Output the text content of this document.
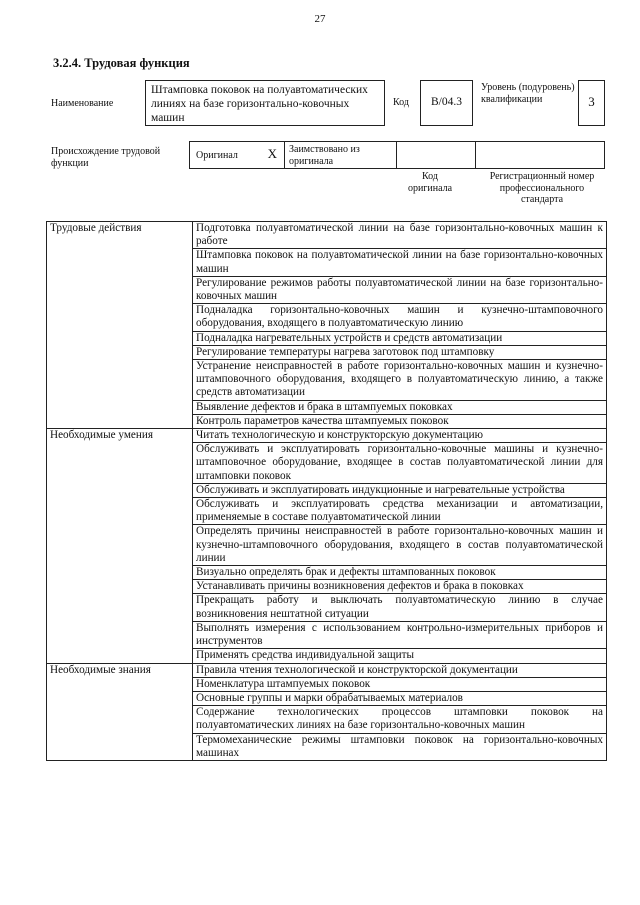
27
3.2.4. Трудовая функция
Наименование
Штамповка поковок на полуавтоматических линиях на базе горизонтально-ковочных машин
Код	B/04.3
Уровень (подуровень) квалификации	3
Происхождение трудовой функции
Оригинал X	Заимствовано из оригинала
Код оригинала
Регистрационный номер профессионального стандарта
Трудовые действия	Подготовка полуавтоматической линии на базе горизонтально-ковочных машин к работе
	Штамповка поковок на полуавтоматической линии на базе горизонтально-ковочных машин
	Регулирование режимов работы полуавтоматической линии на базе горизонтально-ковочных машин
	Подналадка горизонтально-ковочных машин и кузнечно-штамповочного оборудования, входящего в полуавтоматическую линию
	Подналадка нагревательных устройств и средств автоматизации
	Регулирование температуры нагрева заготовок под штамповку
	Устранение неисправностей в работе горизонтально-ковочных машин и кузнечно-штамповочного оборудования, входящего в полуавтоматическую линию, а также средств автоматизации
	Выявление дефектов и брака в штампуемых поковках
	Контроль параметров качества штампуемых поковок
Необходимые умения	Читать технологическую и конструкторскую документацию
	Обслуживать и эксплуатировать горизонтально-ковочные машины и кузнечно-штамповочное оборудование, входящее в состав полуавтоматической линии для штамповки поковок
	Обслуживать и эксплуатировать индукционные и нагревательные устройства
	Обслуживать и эксплуатировать средства механизации и автоматизации, применяемые в составе полуавтоматической линии
	Определять причины неисправностей в работе горизонтально-ковочных машин и кузнечно-штамповочного оборудования, входящего в состав полуавтоматической линии
	Визуально определять брак и дефекты штампованных поковок
	Устанавливать причины возникновения дефектов и брака в поковках
	Прекращать работу и выключать полуавтоматическую линию в случае возникновения нештатной ситуации
	Выполнять измерения с использованием контрольно-измерительных приборов и инструментов
	Применять средства индивидуальной защиты
Необходимые знания	Правила чтения технологической и конструкторской документации
	Номенклатура штампуемых поковок
	Основные группы и марки обрабатываемых материалов
	Содержание технологических процессов штамповки поковок на полуавтоматических линиях на базе горизонтально-ковочных машин
	Термомеханические режимы штамповки поковок на горизонтально-ковочных машинах
